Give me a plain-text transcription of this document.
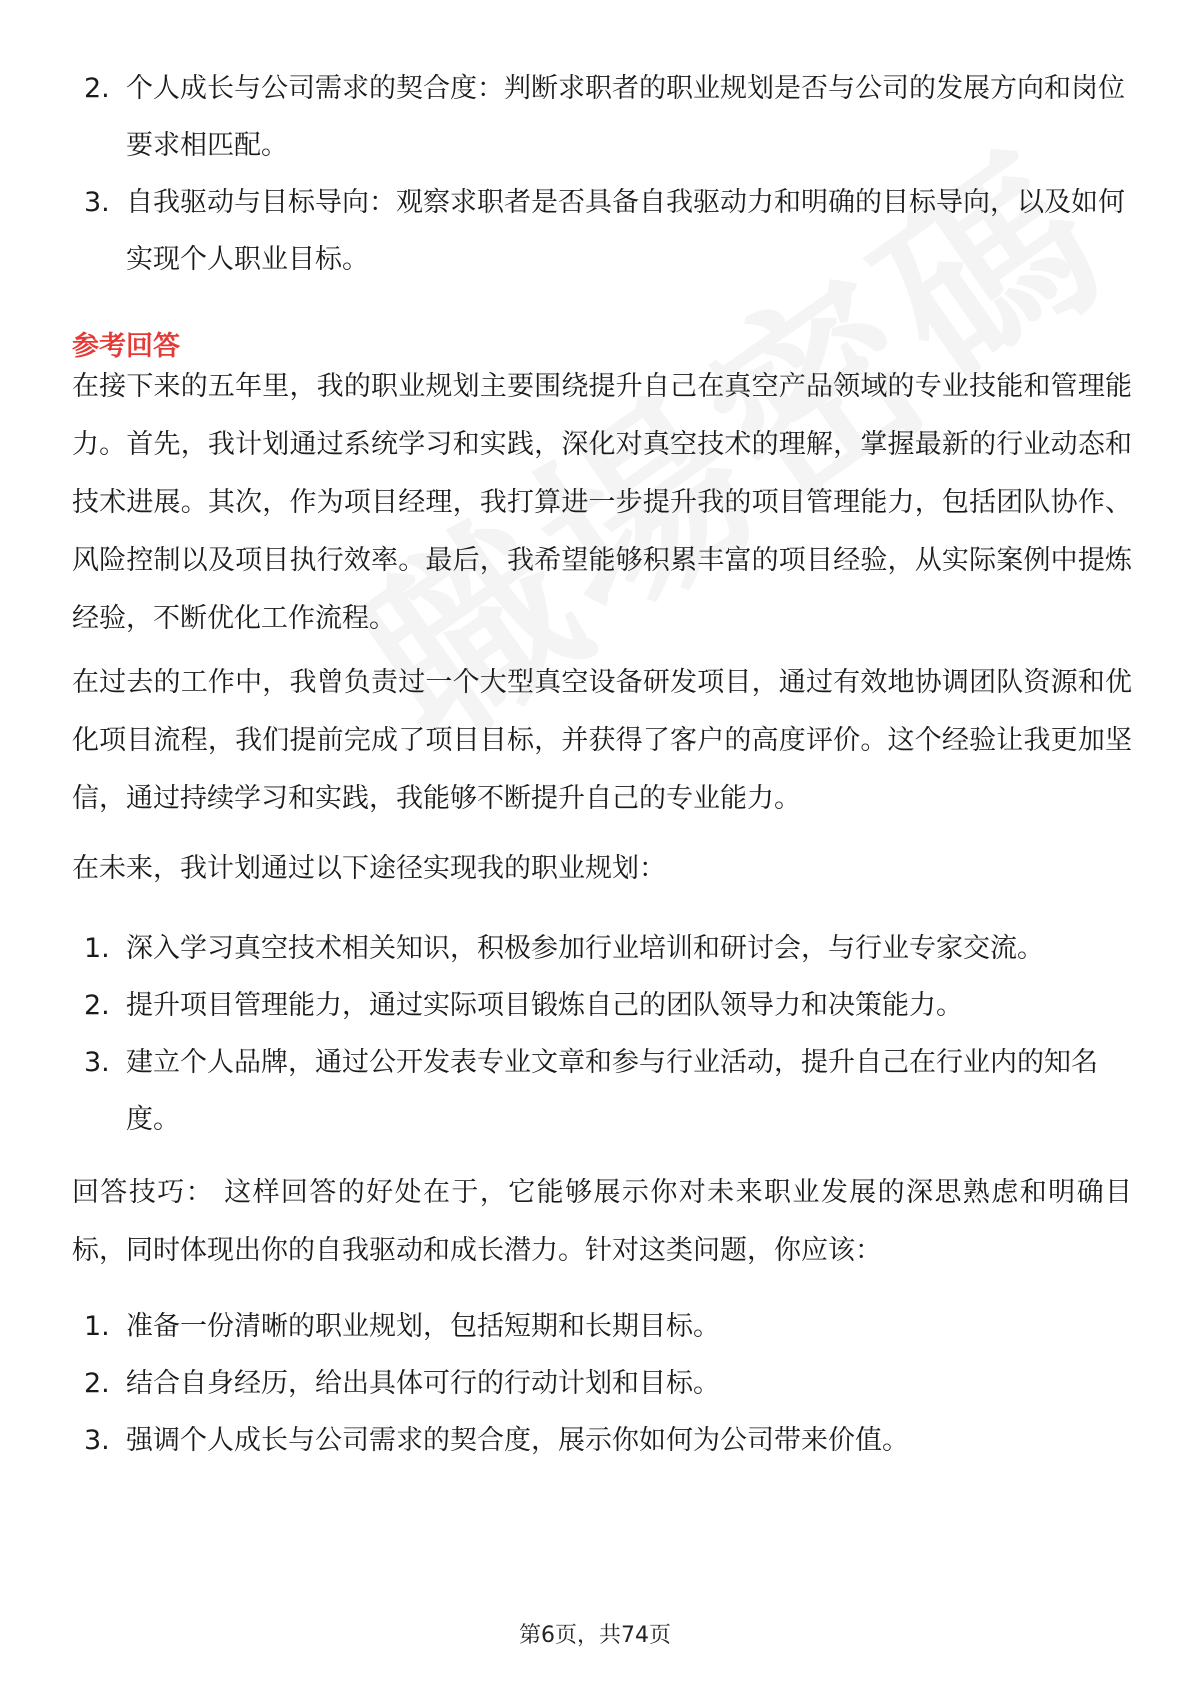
2. 个人成长与公司需求的契合度：判断求职者的职业规划是否与公司的发展方向和岗位要求相匹配。
3. 自我驱动与目标导向：观察求职者是否具备自我驱动力和明确的目标导向，以及如何实现个人职业目标。
参考回答

在接下来的五年里，我的职业规划主要围绕提升自己在真空产品领域的专业技能和管理能力。首先，我计划通过系统学习和实践，深化对真空技术的理解，掌握最新的行业动态和技术进展。其次，作为项目经理，我打算进一步提升我的项目管理能力，包括团队协作、风险控制以及项目执行效率。最后，我希望能够积累丰富的项目经验，从实际案例中提炼经验，不断优化工作流程。

在过去的工作中，我曾负责过一个大型真空设备研发项目，通过有效地协调团队资源和优化项目流程，我们提前完成了项目目标，并获得了客户的高度评价。这个经验让我更加坚信，通过持续学习和实践，我能够不断提升自己的专业能力。

在未来，我计划通过以下途径实现我的职业规划：

1. 深入学习真空技术相关知识，积极参加行业培训和研讨会，与行业专家交流。
2. 提升项目管理能力，通过实际项目锻炼自己的团队领导力和决策能力。
3. 建立个人品牌，通过公开发表专业文章和参与行业活动，提升自己在行业内的知名度。

回答技巧： 这样回答的好处在于，它能够展示你对未来职业发展的深思熟虑和明确目标，同时体现出你的自我驱动和成长潜力。针对这类问题，你应该：

1. 准备一份清晰的职业规划，包括短期和长期目标。
2. 结合自身经历，给出具体可行的行动计划和目标。
3. 强调个人成长与公司需求的契合度，展示你如何为公司带来价值。
第6页，共74页
